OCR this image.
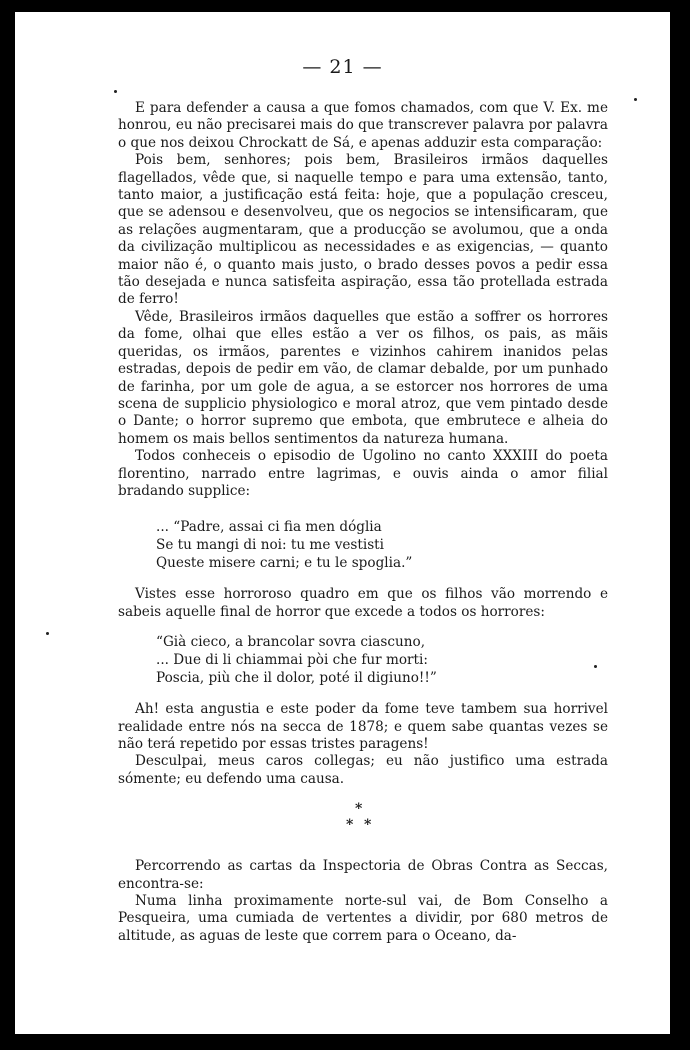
— 21 —

E para defender a causa a que fomos chamados, com que V. Ex. me honrou, eu não precisarei mais do que transcrever palavra por palavra o que nos deixou Chrockatt de Sá, e apenas adduzir esta comparação:

Pois bem, senhores; pois bem, Brasileiros irmãos daquelles flagellados, vêde que, si naquelle tempo e para uma extensão, tanto, tanto maior, a justificação está feita: hoje, que a população cresceu, que se adensou e desenvolveu, que os negocios se intensificaram, que as relações augmentaram, que a producção se avolumou, que a onda da civilização multiplicou as necessidades e as exigencias, — quanto maior não é, o quanto mais justo, o brado desses povos a pedir essa tão desejada e nunca satisfeita aspiração, essa tão protellada estrada de ferro!

Vêde, Brasileiros irmãos daquelles que estão a soffrer os horrores da fome, olhai que elles estão a ver os filhos, os pais, as mãis queridas, os irmãos, parentes e vizinhos cahirem inanidos pelas estradas, depois de pedir em vão, de clamar debalde, por um punhado de farinha, por um gole de agua, a se estorcer nos horrores de uma scena de supplicio physiologico e moral atroz, que vem pintado desde o Dante; o horror supremo que embota, que embrutece e alheia do homem os mais bellos sentimentos da natureza humana.

Todos conheceis o episodio de Ugolino no canto XXXIII do poeta florentino, narrado entre lagrimas, e ouvis ainda o amor filial bradando supplice:

... “Padre, assai ci fia men dóglia
Se tu mangi di noi: tu me vestisti
Queste misere carni; e tu le spoglia.”

Vistes esse horroroso quadro em que os filhos vão morrendo e sabeis aquelle final de horror que excede a todos os horrores:

“Già cieco, a brancolar sovra ciascuno,
... Due di li chiammai pòi che fur morti:
Poscia, più che il dolor, poté il digiuno!!”

Ah! esta angustia e este poder da fome teve tambem sua horrivel realidade entre nós na secca de 1878; e quem sabe quantas vezes se não terá repetido por essas tristes paragens!

Desculpai, meus caros collegas; eu não justifico uma estrada sómente; eu defendo uma causa.

*
* *

Percorrendo as cartas da Inspectoria de Obras Contra as Seccas, encontra-se:

Numa linha proximamente norte-sul vai, de Bom Conselho a Pesqueira, uma cumiada de vertentes a dividir, por 680 metros de altitude, as aguas de leste que correm para o Oceano, da-
